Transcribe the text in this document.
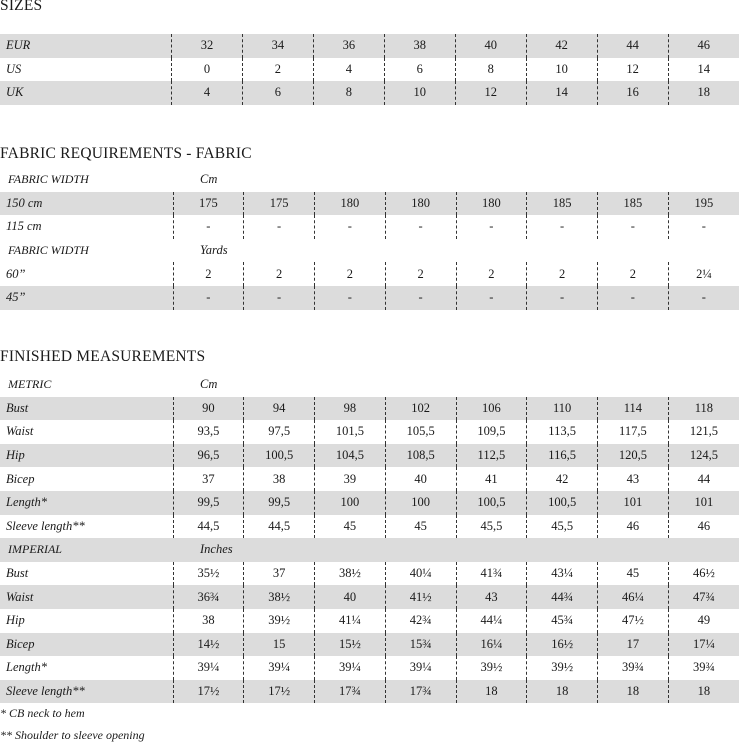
SIZES
EUR	32	34	36	38	40	42	44	46
US	0	2	4	6	8	10	12	14
UK	4	6	8	10	12	14	16	18
FABRIC REQUIREMENTS - FABRIC
FABRIC WIDTH	Cm							
150 cm	175	175	180	180	180	185	185	195
115 cm	-	-	-	-	-	-	-	-
FABRIC WIDTH	Yards							
60”	2	2	2	2	2	2	2	2¼
45”	-	-	-	-	-	-	-	-
FINISHED MEASUREMENTS
METRIC	Cm							
Bust	90	94	98	102	106	110	114	118
Waist	93,5	97,5	101,5	105,5	109,5	113,5	117,5	121,5
Hip	96,5	100,5	104,5	108,5	112,5	116,5	120,5	124,5
Bicep	37	38	39	40	41	42	43	44
Length*	99,5	99,5	100	100	100,5	100,5	101	101
Sleeve length**	44,5	44,5	45	45	45,5	45,5	46	46
IMPERIAL	Inches							
Bust	35½	37	38½	40¼	41¾	43¼	45	46½
Waist	36¾	38½	40	41½	43	44¾	46¼	47¾
Hip	38	39½	41¼	42¾	44¼	45¾	47½	49
Bicep	14½	15	15½	15¾	16¼	16½	17	17¼
Length*	39¼	39¼	39¼	39¼	39½	39½	39¾	39¾
Sleeve length**	17½	17½	17¾	17¾	18	18	18	18
* CB neck to hem
** Shoulder to sleeve opening
